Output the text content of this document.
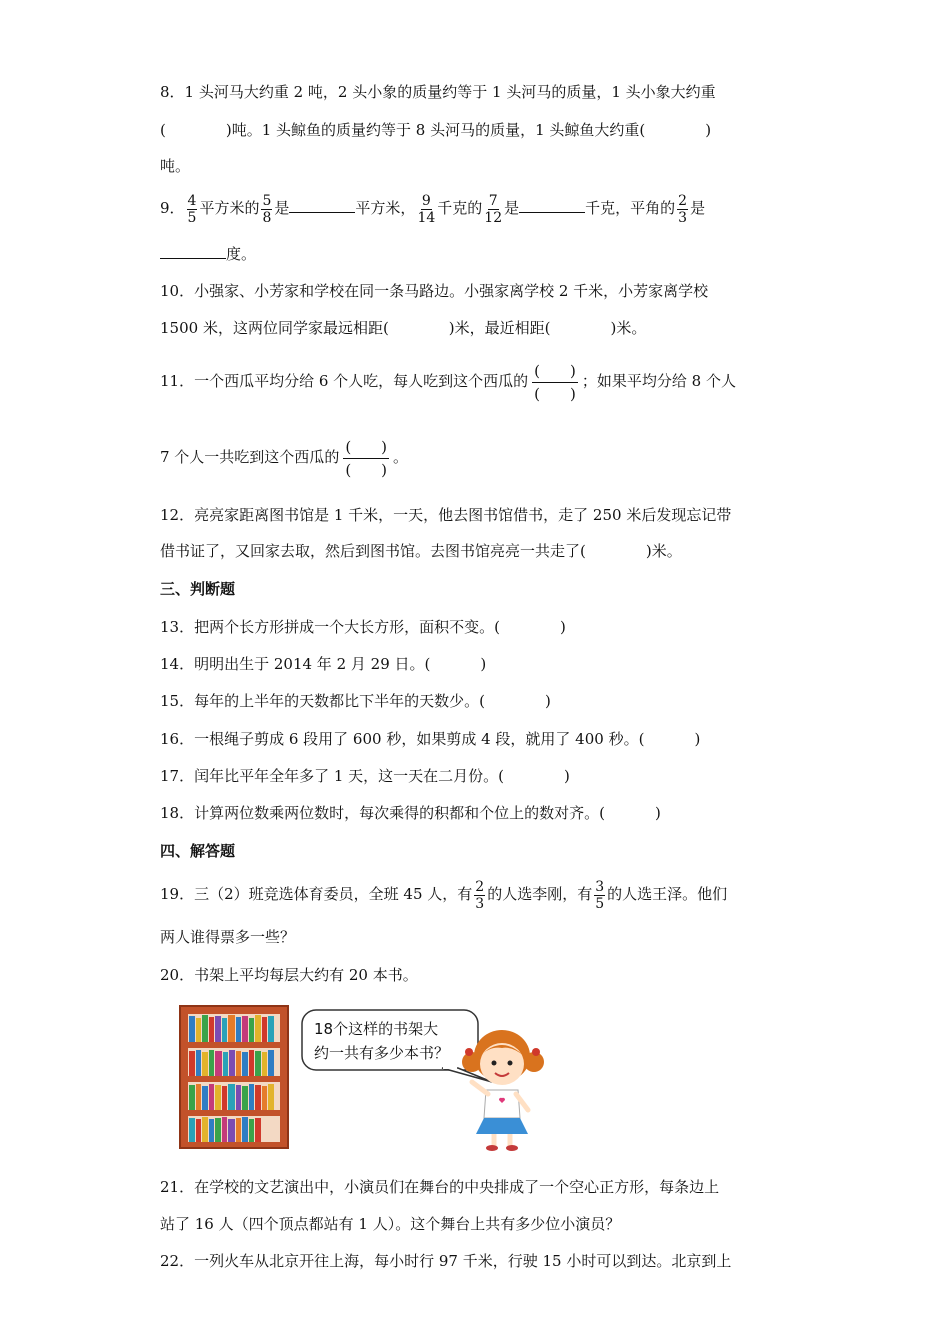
8．1 头河马大约重 2 吨，2 头小象的质量约等于 1 头河马的质量，1 头小象大约重
(	)吨。1 头鲸鱼的质量约等于 8 头河马的质量，1 头鲸鱼大约重(	)
吨。
9． $\frac{4}{5}$ 平方米的 $\frac{5}{8}$ 是	平方米， $\frac{9}{14}$ 千克的 $\frac{7}{12}$ 是	千克，平角的 $\frac{2}{3}$ 是
度。
10．小强家、小芳家和学校在同一条马路边。小强家离学校 2 千米，小芳家离学校
1500 米，这两位同学家最远相距(	)米，最近相距(	)米。
11．一个西瓜平均分给 6 个人吃，每人吃到这个西瓜的
(　　)
(　　)
；如果平均分给 8 个人
7 个人一共吃到这个西瓜的
(　　)
(　　)
。
12．亮亮家距离图书馆是 1 千米，一天，他去图书馆借书，走了 250 米后发现忘记带
借书证了，又回家去取，然后到图书馆。去图书馆亮亮一共走了(	)米。
三、判断题
13．把两个长方形拼成一个大长方形，面积不变。(	)
14．明明出生于 2014 年 2 月 29 日。(	)
15．每年的上半年的天数都比下半年的天数少。(	)
16．一根绳子剪成 6 段用了 600 秒，如果剪成 4 段，就用了 400 秒。(	)
17．闰年比平年全年多了 1 天，这一天在二月份。(	)
18．计算两位数乘两位数时，每次乘得的积都和个位上的数对齐。(	)
四、解答题
19．三（2）班竞选体育委员，全班 45 人，有 $\frac{2}{3}$ 的人选李刚，有 $\frac{3}{5}$ 的人选王泽。他们
两人谁得票多一些？
20．书架上平均每层大约有 20 本书。
18个这样的书架大
约一共有多少本书？
21．在学校的文艺演出中，小演员们在舞台的中央排成了一个空心正方形，每条边上
站了 16 人（四个顶点都站有 1 人）。这个舞台上共有多少位小演员？
22．一列火车从北京开往上海，每小时行 97 千米，行驶 15 小时可以到达。北京到上
